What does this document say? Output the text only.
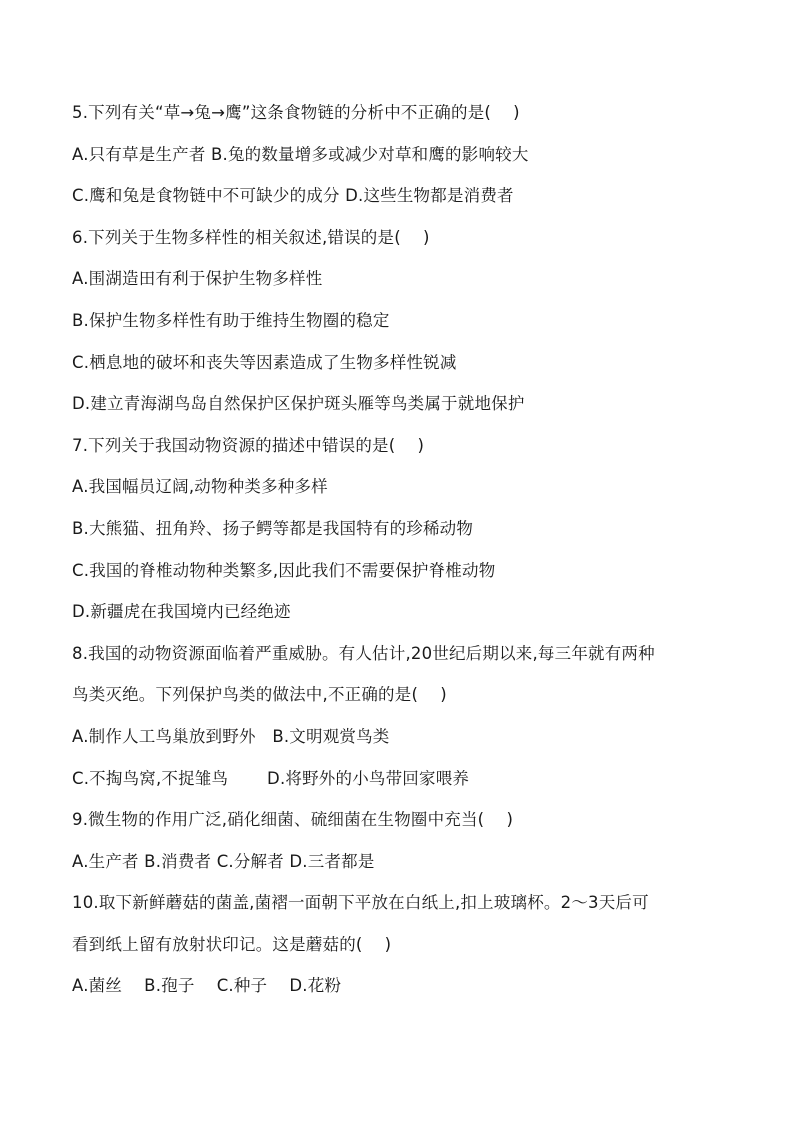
5.下列有关“草→兔→鹰”这条食物链的分析中不正确的是(　 )
A.只有草是生产者 B.兔的数量增多或减少对草和鹰的影响较大
C.鹰和兔是食物链中不可缺少的成分 D.这些生物都是消费者
6.下列关于生物多样性的相关叙述,错误的是(　 )
A.围湖造田有利于保护生物多样性
B.保护生物多样性有助于维持生物圈的稳定
C.栖息地的破坏和丧失等因素造成了生物多样性锐减
D.建立青海湖鸟岛自然保护区保护斑头雁等鸟类属于就地保护
7.下列关于我国动物资源的描述中错误的是(　 )
A.我国幅员辽阔,动物种类多种多样
B.大熊猫、扭角羚、扬子鳄等都是我国特有的珍稀动物
C.我国的脊椎动物种类繁多,因此我们不需要保护脊椎动物
D.新疆虎在我国境内已经绝迹
8.我国的动物资源面临着严重威胁。有人估计,20世纪后期以来,每三年就有两种
鸟类灭绝。下列保护鸟类的做法中,不正确的是(　 )
A.制作人工鸟巢放到野外　B.文明观赏鸟类
C.不掏鸟窝,不捉雏鸟　　 D.将野外的小鸟带回家喂养
9.微生物的作用广泛,硝化细菌、硫细菌在生物圈中充当(　 )
A.生产者 B.消费者 C.分解者 D.三者都是
10.取下新鲜蘑菇的菌盖,菌褶一面朝下平放在白纸上,扣上玻璃杯。2～3天后可
看到纸上留有放射状印记。这是蘑菇的(　 )
A.菌丝　 B.孢子　 C.种子　 D.花粉
